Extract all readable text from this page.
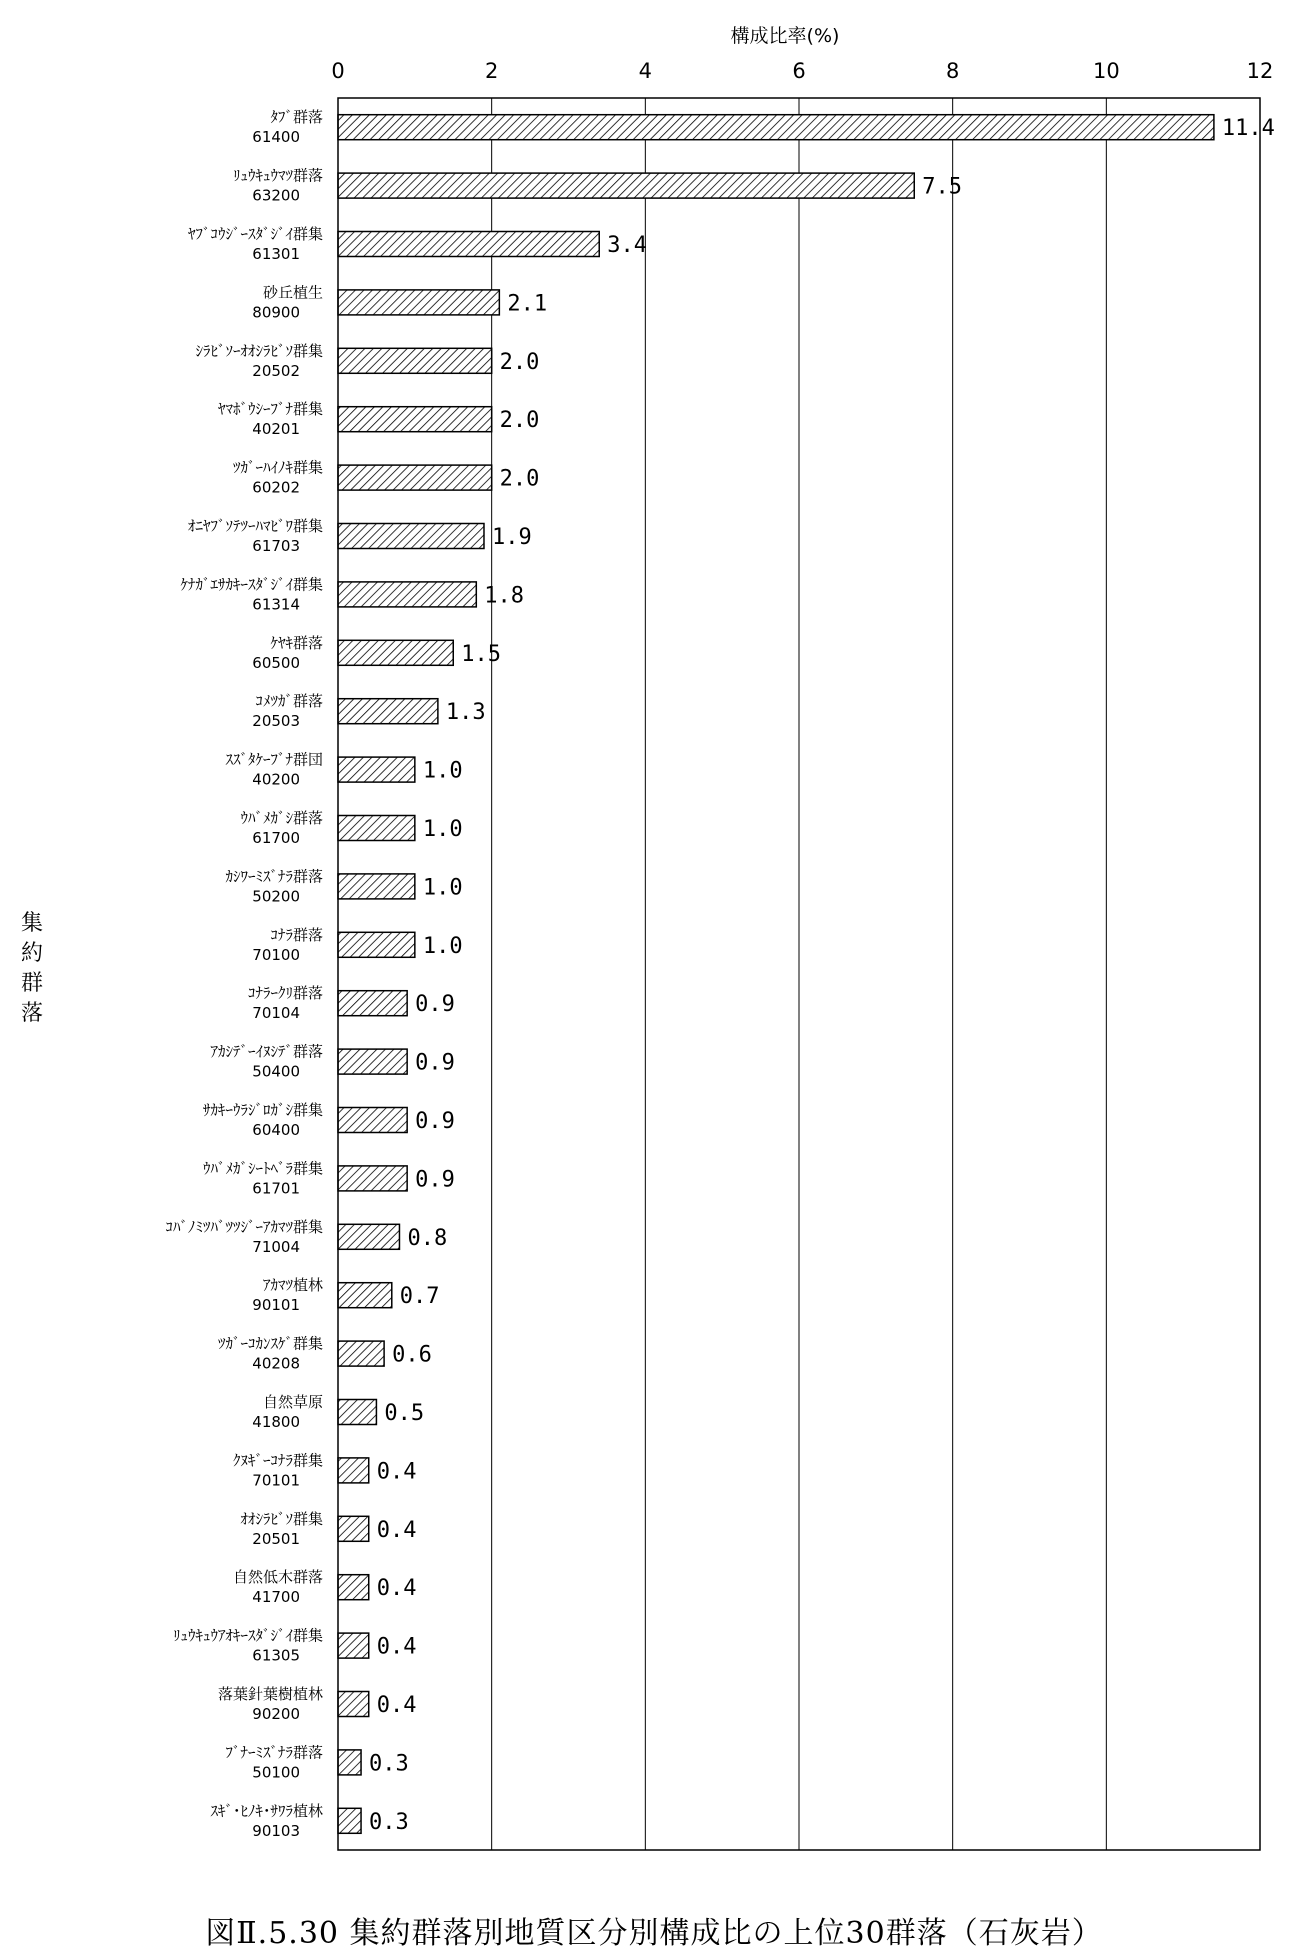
構成比率(%)
集
約
群
落
0	2	4	6	8	10	12
ﾀﾌﾞ群落
61400
ﾘｭｳｷｭｳﾏﾂ群落
63200
ﾔﾌﾞｺｳｼﾞｰｽﾀﾞｼﾞｲ群集
61301
砂丘植生
80900
ｼﾗﾋﾞｿｰｵｵｼﾗﾋﾞｿ群集
20502
ﾔﾏﾎﾞｳｼｰﾌﾞﾅ群集
40201
ﾂｶﾞｰﾊｲﾉｷ群集
60202
ｵﾆﾔﾌﾞｿﾃﾂｰﾊﾏﾋﾞﾜ群集
61703
ｹﾅｶﾞｴｻｶｷｰｽﾀﾞｼﾞｲ群集
61314
ｹﾔｷ群落
60500
ｺﾒﾂｶﾞ群落
20503
ｽｽﾞﾀｹｰﾌﾞﾅ群団
40200
ｳﾊﾞﾒｶﾞｼ群落
61700
ｶｼﾜｰﾐｽﾞﾅﾗ群落
50200
ｺﾅﾗ群落
70100
ｺﾅﾗｰｸﾘ群落
70104
ｱｶｼﾃﾞｰｲﾇｼﾃﾞ群落
50400
ｻｶｷｰｳﾗｼﾞﾛｶﾞｼ群集
60400
ｳﾊﾞﾒｶﾞｼｰﾄﾍﾞﾗ群集
61701
ｺﾊﾞﾉﾐﾂﾊﾞﾂﾂｼﾞｰｱｶﾏﾂ群集
71004
ｱｶﾏﾂ植林
90101
ﾂｶﾞｰｺｶﾝｽｹﾞ群集
40208
自然草原
41800
ｸﾇｷﾞｰｺﾅﾗ群集
70101
ｵｵｼﾗﾋﾞｿ群集
20501
自然低木群落
41700
ﾘｭｳｷｭｳｱｵｷｰｽﾀﾞｼﾞｲ群集
61305
落葉針葉樹植林
90200
ﾌﾞﾅｰﾐｽﾞﾅﾗ群落
50100
ｽｷﾞ･ﾋﾉｷ･ｻﾜﾗ植林
90103
11.4
7.5
3.4
2.1
2.0
2.0
2.0
1.9
1.8
1.5
1.3
1.0
1.0
1.0
1.0
0.9
0.9
0.9
0.9
0.8
0.7
0.6
0.5
0.4
0.4
0.4
0.4
0.4
0.3
0.3
図Ⅱ.5.30 集約群落別地質区分別構成比の上位30群落（石灰岩）
